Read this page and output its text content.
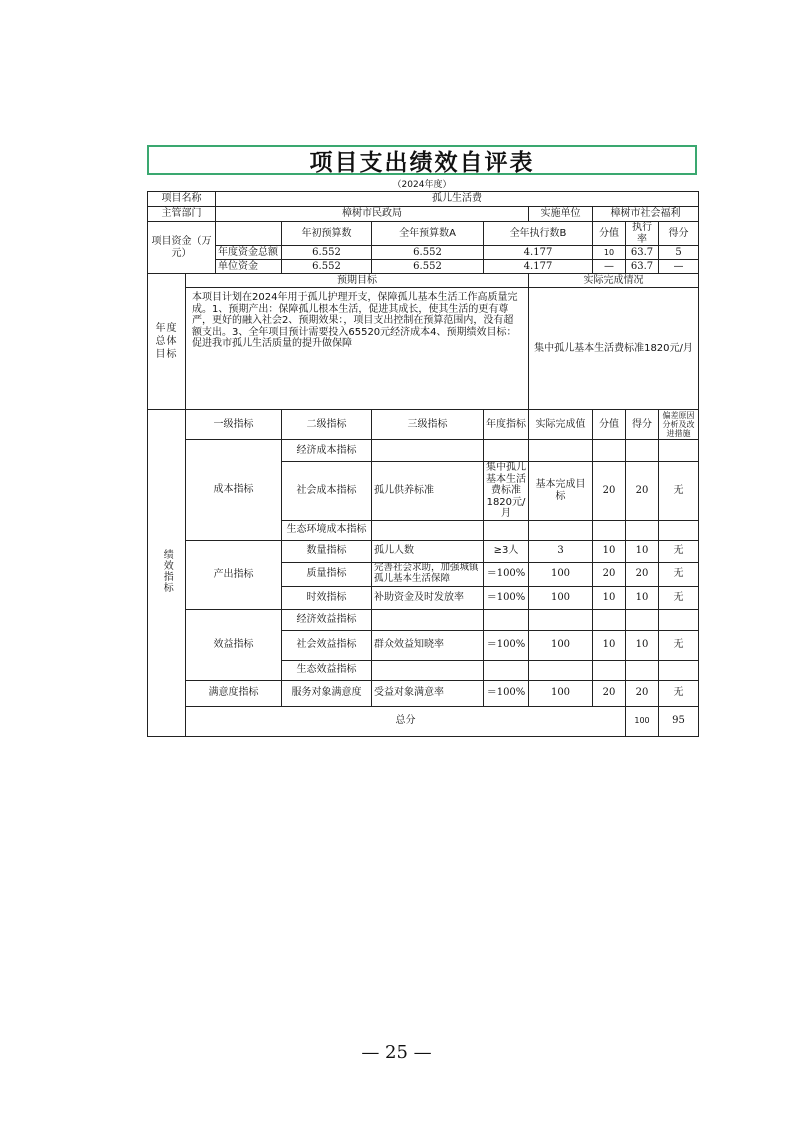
项目支出绩效自评表
（2024年度）
项目名称		孤儿生活费								
主管部门		樟树市民政局				实施单位	樟树市社会福利			
项目资金（万元）			年初预算数	全年预算数A	全年执行数B		分值	执行率	得分	
		年度资金总额	6.552	6.552	4.177		10	63.7	5	
		单位资金	6.552	6.552	4.177		—	63.7	—	

年度总体目标	预期目标					实际完成情况				
	本项目计划在2024年用于孤儿护理开支，保障孤儿基本生活工作高质量完成。1、预期产出：保障孤儿根本生活，促进其成长，使其生活的更有尊严，更好的融入社会2、预期效果：，项目支出控制在预算范围内，没有超额支出。3、全年项目预计需要投入65520元经济成本4、预期绩效目标：促进我市孤儿生活质量的提升做保障					集中孤儿基本生活费标准1820元/月				
绩效指标	一级指标		二级指标	三级指标	年度指标	实际完成值	分值	得分	偏差原因分析及改进措施	
	成本指标		经济成本指标							
			社会成本指标	孤儿供养标准	集中孤儿基本生活费标准1820元/月	基本完成目标	20	20	无	
			生态环境成本指标							
	产出指标		数量指标	孤儿人数	≥3人	3	10	10	无	
			质量指标	完善社会求助，加强城镇孤儿基本生活保障	＝100%	100	20	20	无	
			时效指标	补助资金及时发放率	＝100%	100	10	10	无	
	效益指标		经济效益指标							
			社会效益指标	群众效益知晓率	＝100%	100	10	10	无	
			生态效益指标							
	满意度指标		服务对象满意度	受益对象满意率	＝100%	100	20	20	无	
	总分							100	95	
— 25 —
